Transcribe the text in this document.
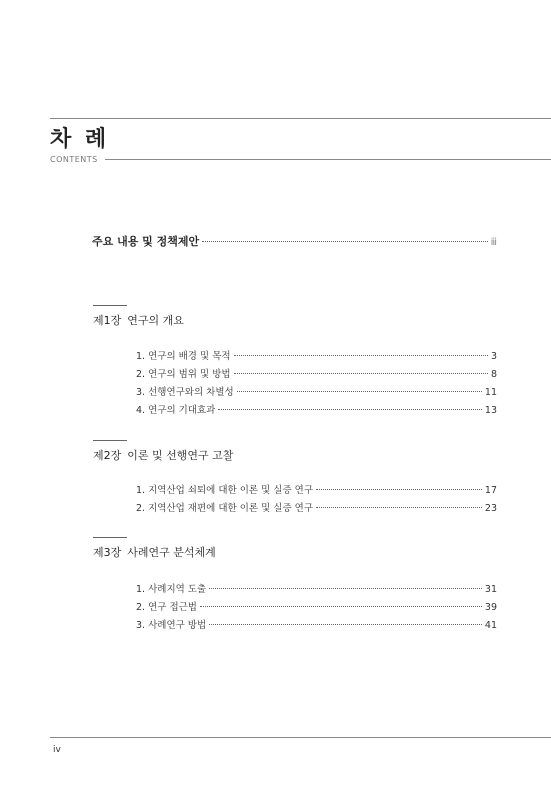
차 례
CONTENTS
주요 내용 및 정책제안	ⅲ
제1장 연구의 개요
1. 연구의 배경 및 목적	3
2. 연구의 범위 및 방법	8
3. 선행연구와의 차별성	11
4. 연구의 기대효과	13
제2장 이론 및 선행연구 고찰
1. 지역산업 쇠퇴에 대한 이론 및 실증 연구	17
2. 지역산업 재편에 대한 이론 및 실증 연구	23
제3장 사례연구 분석체계
1. 사례지역 도출	31
2. 연구 접근법	39
3. 사례연구 방법	41
iv
